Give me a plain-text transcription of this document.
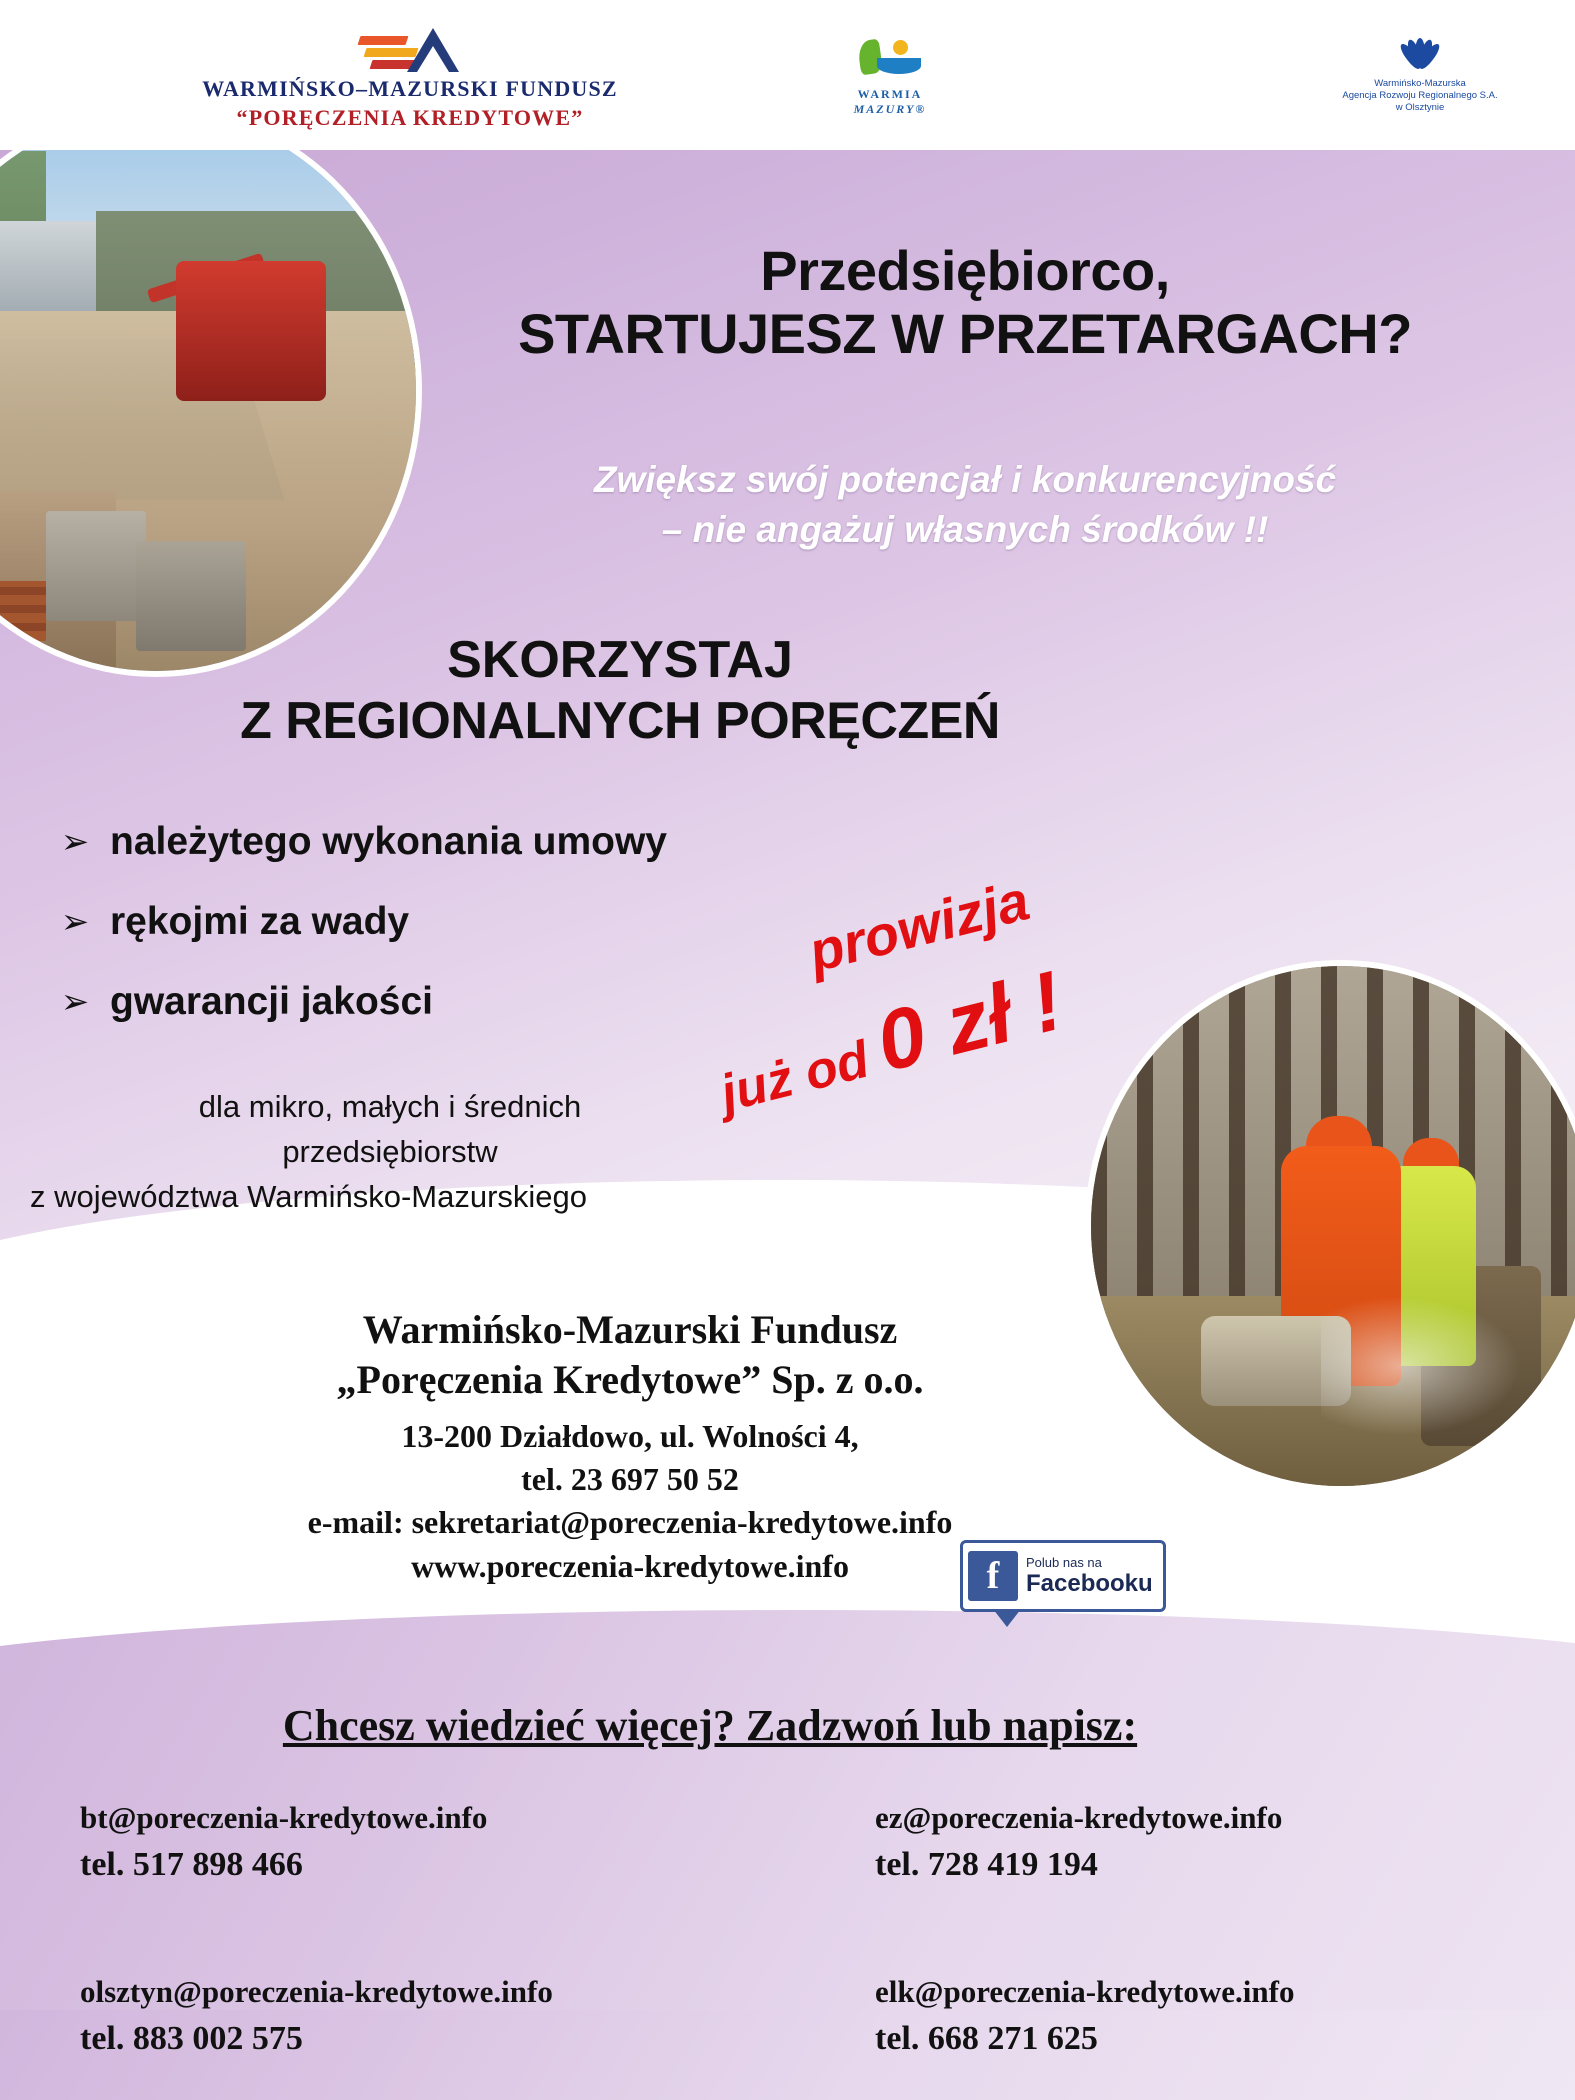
WARMIŃSKO–MAZURSKI FUNDUSZ
“PORĘCZENIA KREDYTOWE”
WARMIA
MAZURY®
Warmińsko-Mazurska
Agencja Rozwoju Regionalnego S.A.
w Olsztynie
Przedsiębiorco,
STARTUJESZ W PRZETARGACH?
Zwiększ swój potencjał i konkurencyjność
– nie angażuj własnych środków !!
SKORZYSTAJ
Z REGIONALNYCH PORĘCZEŃ
➢ należytego wykonania umowy
➢ rękojmi za wady
➢ gwarancji jakości
dla mikro, małych i średnich
przedsiębiorstw
z województwa Warmińsko-Mazurskiego
prowizja
już od 0 zł !
Warmińsko-Mazurski Fundusz
„Poręczenia Kredytowe” Sp. z o.o.
13-200 Działdowo, ul. Wolności 4,
tel. 23 697 50 52
e-mail: sekretariat@poreczenia-kredytowe.info
www.poreczenia-kredytowe.info	f	Polub nas na
Facebooku
Chcesz wiedzieć więcej? Zadzwoń lub napisz:
bt@poreczenia-kredytowe.info
tel. 517 898 466
ez@poreczenia-kredytowe.info
tel. 728 419 194
olsztyn@poreczenia-kredytowe.info
tel. 883 002 575
elk@poreczenia-kredytowe.info
tel. 668 271 625
